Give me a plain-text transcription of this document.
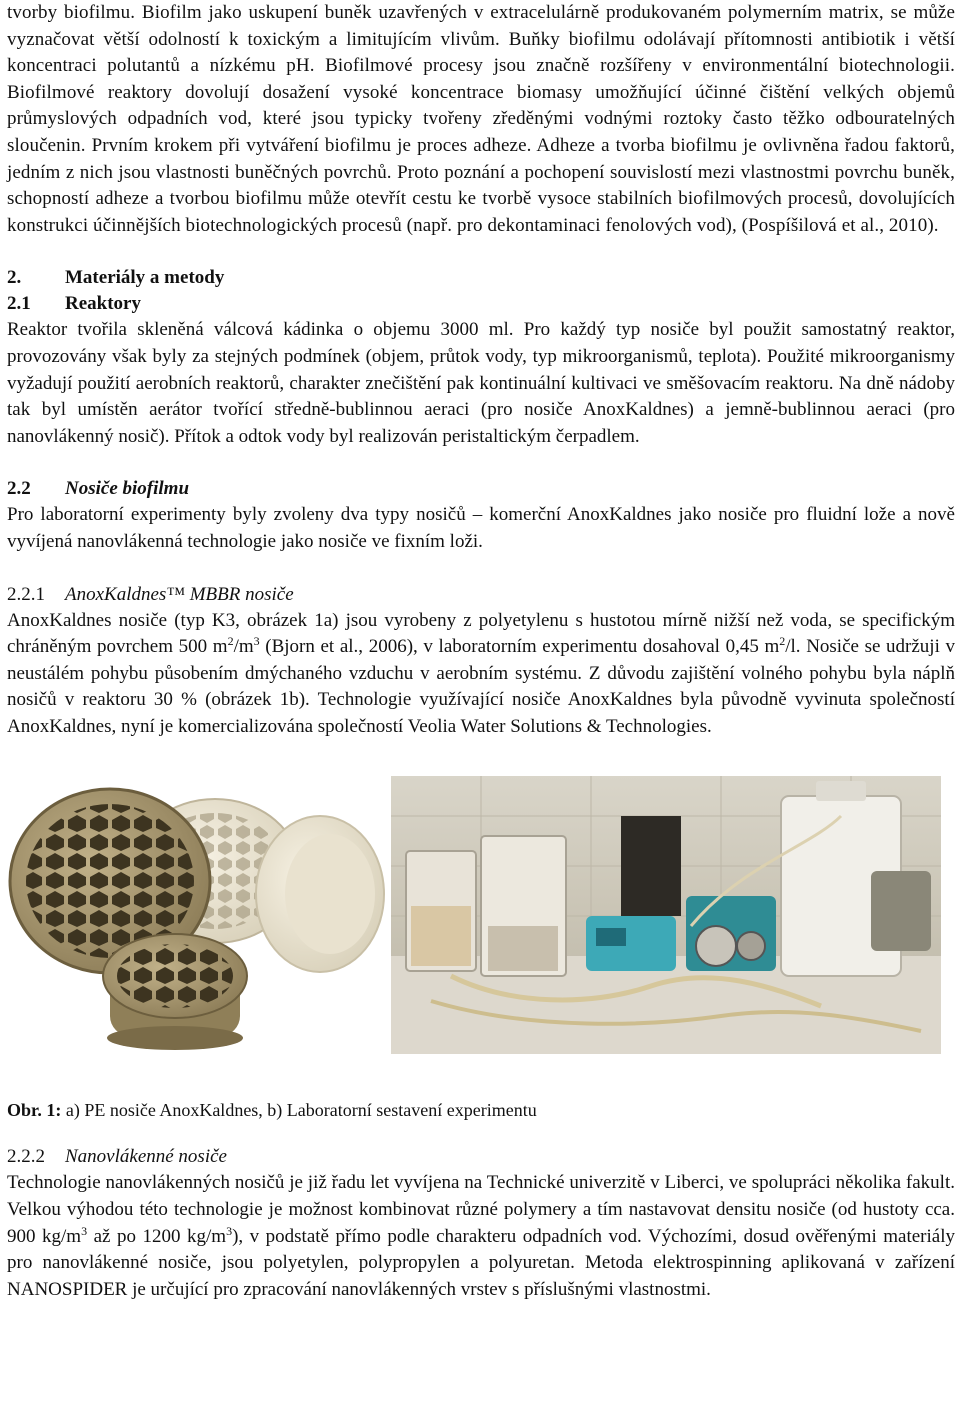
tvorby biofilmu. Biofilm jako uskupení buněk uzavřených v extracelulárně produkovaném polymerním matrix, se může vyznačovat větší odolností k toxickým a limitujícím vlivům. Buňky biofilmu odolávají přítomnosti antibiotik i větší koncentraci polutantů a nízkému pH. Biofilmové procesy jsou značně rozšířeny v environmentální biotechnologii. Biofilmové reaktory dovolují dosažení vysoké koncentrace biomasy umožňující účinné čištění velkých objemů průmyslových odpadních vod, které jsou typicky tvořeny zředěnými vodnými roztoky často těžko odbouratelných sloučenin. Prvním krokem při vytváření biofilmu je proces adheze. Adheze a tvorba biofilmu je ovlivněna řadou faktorů, jedním z nich jsou vlastnosti buněčných povrchů. Proto poznání a pochopení souvislostí mezi vlastnostmi povrchu buněk, schopností adheze a tvorbou biofilmu může otevřít cestu ke tvorbě vysoce stabilních biofilmových procesů, dovolujících konstrukci účinnějších biotechnologických procesů (např. pro dekontaminaci fenolových vod), (Pospíšilová et al., 2010).

2. Materiály a metody
2.1 Reaktory

Reaktor tvořila skleněná válcová kádinka o objemu 3000 ml. Pro každý typ nosiče byl použit samostatný reaktor, provozovány však byly za stejných podmínek (objem, průtok vody, typ mikroorganismů, teplota). Použité mikroorganismy vyžadují použití aerobních reaktorů, charakter znečištění pak kontinuální kultivaci ve směšovacím reaktoru. Na dně nádoby tak byl umístěn aerátor tvořící středně-bublinnou aeraci (pro nosiče AnoxKaldnes) a jemně-bublinnou aeraci (pro nanovlákenný nosič). Přítok a odtok vody byl realizován peristaltickým čerpadlem.

2.2 Nosiče biofilmu

Pro laboratorní experimenty byly zvoleny dva typy nosičů – komerční AnoxKaldnes jako nosiče pro fluidní lože a nově vyvíjená nanovlákenná technologie jako nosiče ve fixním loži.

2.2.1 AnoxKaldnes™ MBBR nosiče

AnoxKaldnes nosiče (typ K3, obrázek 1a) jsou vyrobeny z polyetylenu s hustotou mírně nižší než voda, se specifickým chráněným povrchem 500 $m^2/m^3$ (Bjorn et al., 2006), v laboratorním experimentu dosahoval 0,45 $m^2/l$. Nosiče se udržuji v neustálém pohybu působením dmýchaného vzduchu v aerobním systému. Z důvodu zajištění volného pohybu byla náplň nosičů v reaktoru 30 % (obrázek 1b). Technologie využívající nosiče AnoxKaldnes byla původně vyvinuta společností AnoxKaldnes, nyní je komercializována společností Veolia Water Solutions & Technologies.

Obr. 1: a) PE nosiče AnoxKaldnes, b) Laboratorní sestavení experimentu

2.2.2 Nanovlákenné nosiče

Technologie nanovlákenných nosičů je již řadu let vyvíjena na Technické univerzitě v Liberci, ve spolupráci několika fakult. Velkou výhodou této technologie je možnost kombinovat různé polymery a tím nastavovat densitu nosiče (od hustoty cca. 900 $kg/m^3$ až po 1200 $kg/m^3$), v podstatě přímo podle charakteru odpadních vod. Výchozími, dosud ověřenými materiály pro nanovlákenné nosiče, jsou polyetylen, polypropylen a polyuretan. Metoda elektrospinning aplikovaná v zařízení NANOSPIDER je určující pro zpracování nanovlákenných vrstev s příslušnými vlastnostmi.
